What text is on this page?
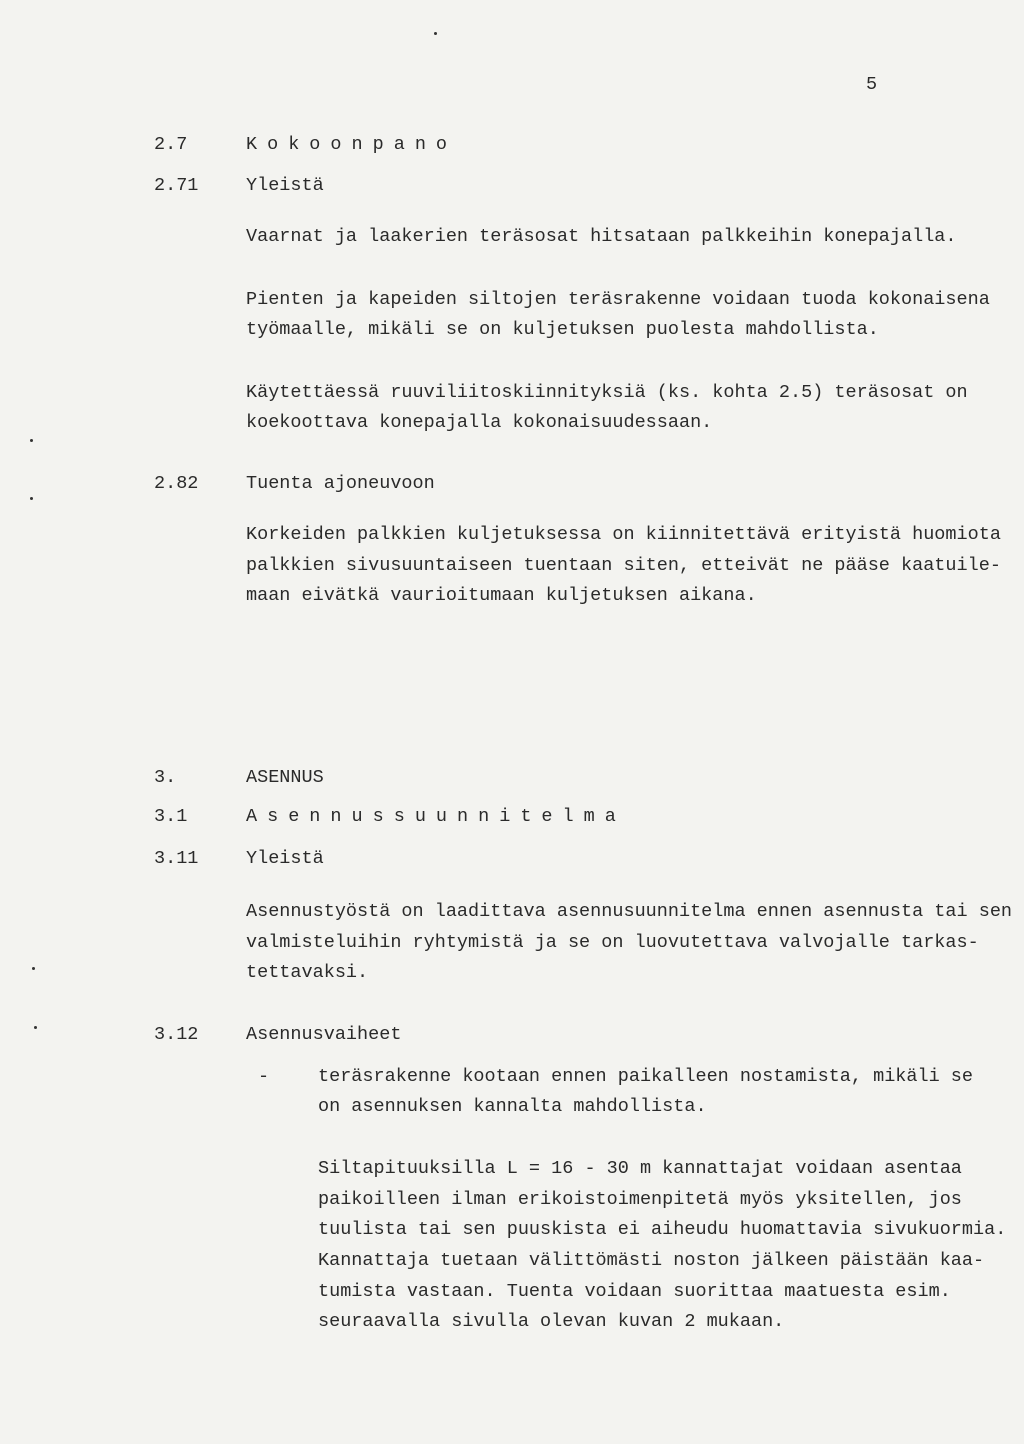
5
2.7	Kokoonpano
2.71	Yleistä
Vaarnat ja laakerien teräsosat hitsataan palkkeihin konepajalla.
Pienten ja kapeiden siltojen teräsrakenne voidaan tuoda kokonaisena
työmaalle, mikäli se on kuljetuksen puolesta mahdollista.
Käytettäessä ruuviliitoskiinnityksiä (ks. kohta 2.5) teräsosat on
koekoottava konepajalla kokonaisuudessaan.
2.82	Tuenta ajoneuvoon
Korkeiden palkkien kuljetuksessa on kiinnitettävä erityistä huomiota
palkkien sivusuuntaiseen tuentaan siten, etteivät ne pääse kaatuile-
maan eivätkä vaurioitumaan kuljetuksen aikana.
3.	ASENNUS
3.1	Asennussuunnitelma
3.11	Yleistä
Asennustyöstä on laadittava asennusuunnitelma ennen asennusta tai sen
valmisteluihin ryhtymistä ja se on luovutettava valvojalle tarkas-
tettavaksi.
3.12	Asennusvaiheet
-	teräsrakenne kootaan ennen paikalleen nostamista, mikäli se
on asennuksen kannalta mahdollista.
Siltapituuksilla L = 16 - 30 m kannattajat voidaan asentaa
paikoilleen ilman erikoistoimenpitetä myös yksitellen, jos
tuulista tai sen puuskista ei aiheudu huomattavia sivukuormia.
Kannattaja tuetaan välittömästi noston jälkeen päistään kaa-
tumista vastaan. Tuenta voidaan suorittaa maatuesta esim.
seuraavalla sivulla olevan kuvan 2 mukaan.
